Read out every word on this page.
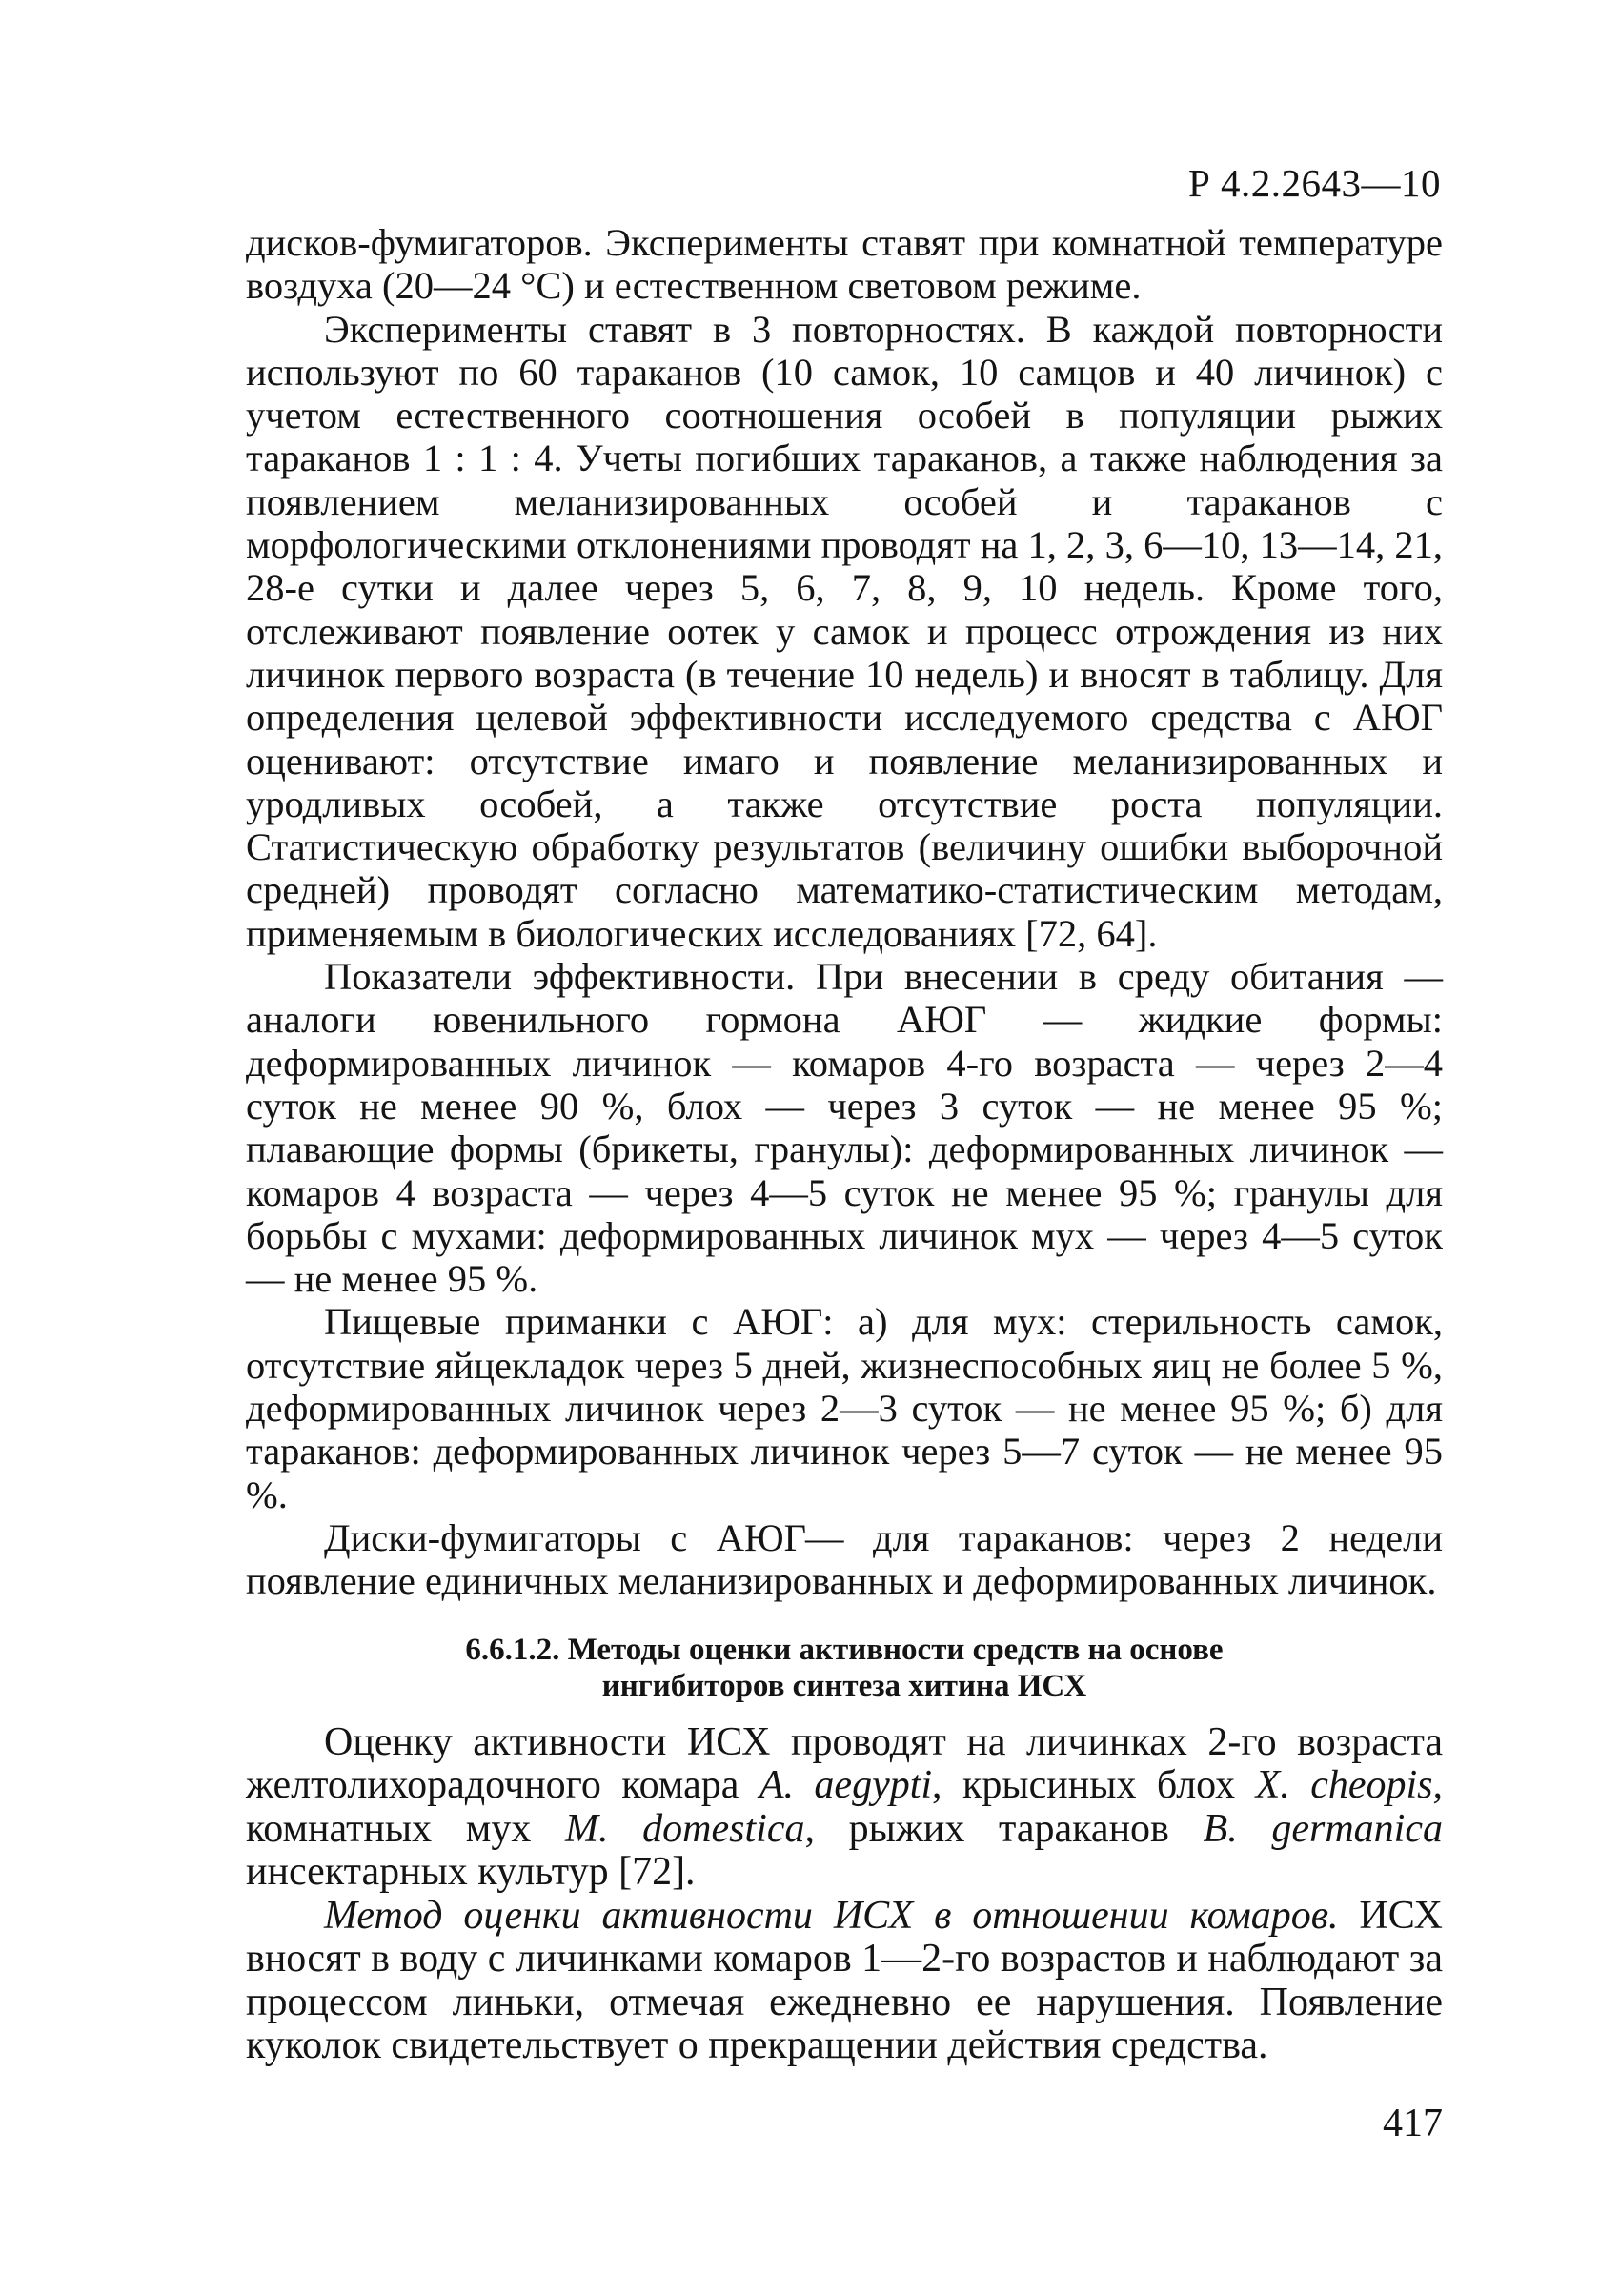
Р 4.2.2643—10

дисков-фумигаторов. Эксперименты ставят при комнатной температуре воздуха (20—24 °С) и естественном световом режиме.

Эксперименты ставят в 3 повторностях. В каждой повторности используют по 60 тараканов (10 самок, 10 самцов и 40 личинок) с учетом естественного соотношения особей в популяции рыжих тараканов 1 : 1 : 4. Учеты погибших тараканов, а также наблюдения за появлением меланизированных особей и тараканов с морфологическими отклонениями проводят на 1, 2, 3, 6—10, 13—14, 21, 28-е сутки и далее через 5, 6, 7, 8, 9, 10 недель. Кроме того, отслеживают появление оотек у самок и процесс отрождения из них личинок первого возраста (в течение 10 недель) и вносят в таблицу. Для определения целевой эффективности исследуемого средства с АЮГ оценивают: отсутствие имаго и появление меланизированных и уродливых особей, а также отсутствие роста популяции. Статистическую обработку результатов (величину ошибки выборочной средней) проводят согласно математико-статистическим методам, применяемым в биологических исследованиях [72, 64].

Показатели эффективности. При внесении в среду обитания — аналоги ювенильного гормона АЮГ — жидкие формы: деформированных личинок — комаров 4-го возраста — через 2—4 суток не менее 90 %, блох — через 3 суток — не менее 95 %; плавающие формы (брикеты, гранулы): деформированных личинок — комаров 4 возраста — через 4—5 суток не менее 95 %; гранулы для борьбы с мухами: деформированных личинок мух — через 4—5 суток — не менее 95 %.

Пищевые приманки с АЮГ: а) для мух: стерильность самок, отсутствие яйцекладок через 5 дней, жизнеспособных яиц не более 5 %, деформированных личинок через 2—3 суток — не менее 95 %; б) для тараканов: деформированных личинок через 5—7 суток — не менее 95 %.

Диски-фумигаторы с АЮГ— для тараканов: через 2 недели появление единичных меланизированных и деформированных личинок.

6.6.1.2. Методы оценки активности средств на основе
ингибиторов синтеза хитина ИСХ

Оценку активности ИСХ проводят на личинках 2-го возраста желтолихорадочного комара A. aegypti, крысиных блох X. cheopis, комнатных мух M. domestica, рыжих тараканов B. germanica инсектарных культур [72].

Метод оценки активности ИСХ в отношении комаров. ИСХ вносят в воду с личинками комаров 1—2-го возрастов и наблюдают за процессом линьки, отмечая ежедневно ее нарушения. Появление куколок свидетельствует о прекращении действия средства.

417
